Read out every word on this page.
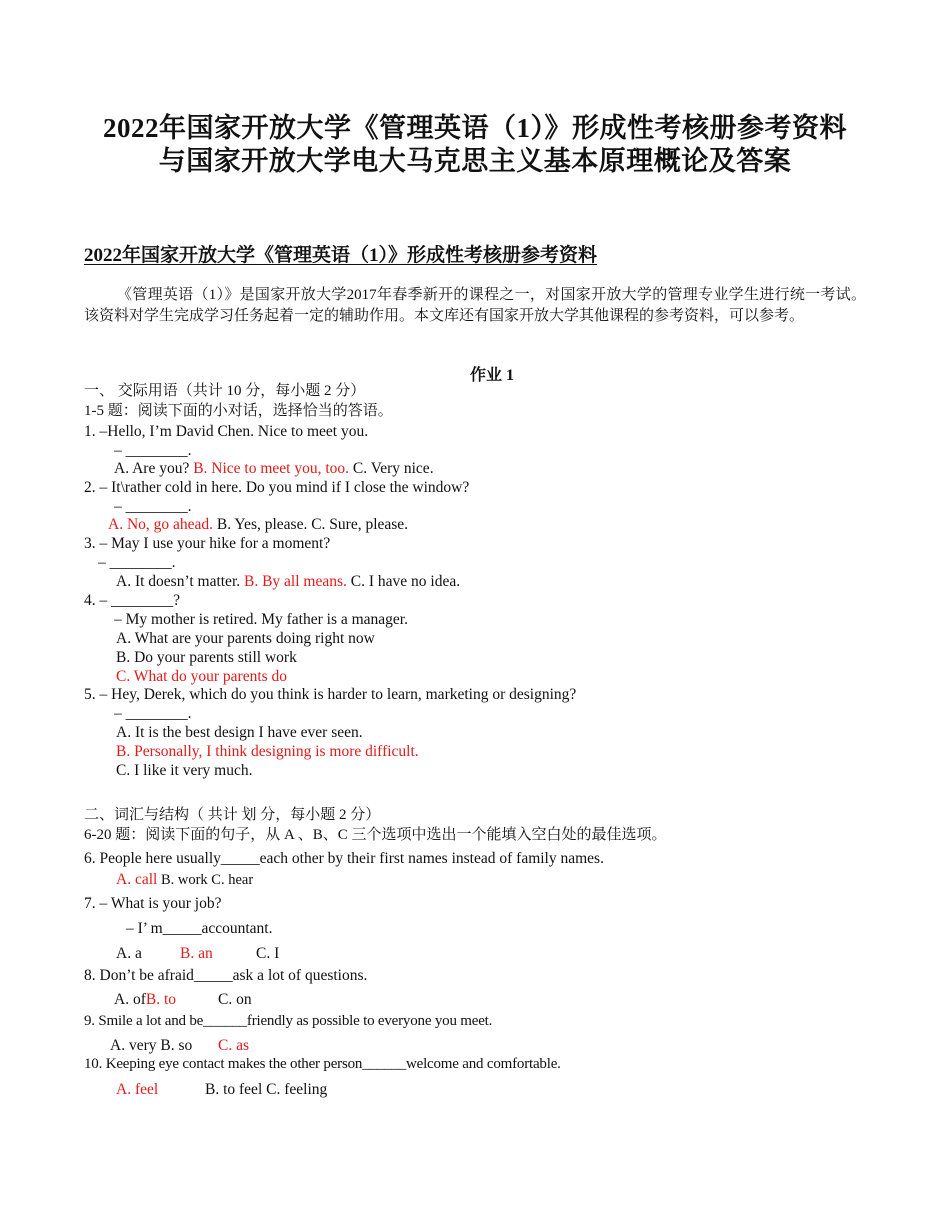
2022年国家开放大学《管理英语（1）》形成性考核册参考资料
与国家开放大学电大马克思主义基本原理概论及答案
2022年国家开放大学《管理英语（1）》形成性考核册参考资料
《管理英语（1）》是国家开放大学2017年春季新开的课程之一，对国家开放大学的管理专业学生进行统一考试。该资料对学生完成学习任务起着一定的辅助作用。本文库还有国家开放大学其他课程的参考资料，可以参考。
作业 1
一、 交际用语（共计 10 分，每小题 2 分）
1-5 题：阅读下面的小对话，选择恰当的答语。
1. –Hello, I’m David Chen. Nice to meet you.
– ________.
A. Are you? B. Nice to meet you, too. C. Very nice.
2. – It\rather cold in here. Do you mind if I close the window?
– ________.
A. No, go ahead. B. Yes, please. C. Sure, please.
3. – May I use your hike for a moment?
– ________.
A. It doesn’t matter. B. By all means. C. I have no idea.
4. – ________?
– My mother is retired. My father is a manager.
A. What are your parents doing right now
B. Do your parents still work
C. What do your parents do
5. – Hey, Derek, which do you think is harder to learn, marketing or designing?
– ________.
A. It is the best design I have ever seen.
B. Personally, I think designing is more difficult.
C. I like it very much.
二、词汇与结构（ 共计 划 分，每小题 2 分）
6-20 题：阅读下面的句子，从 A 、B、C 三个选项中选出一个能填入空白处的最佳选项。
6. People here usually_____each other by their first names instead of family names.
A. call B. work C. hear
7. – What is your job?
– I’ m_____accountant.
A. a B. an	C. I
8. Don’t be afraid_____ask a lot of questions.
A. ofB. to	C. on
9. Smile a lot and be______friendly as possible to everyone you meet.
A. very B. so C. as
10. Keeping eye contact makes the other person______welcome and comfortable.
A. feel	B. to feel C. feeling
